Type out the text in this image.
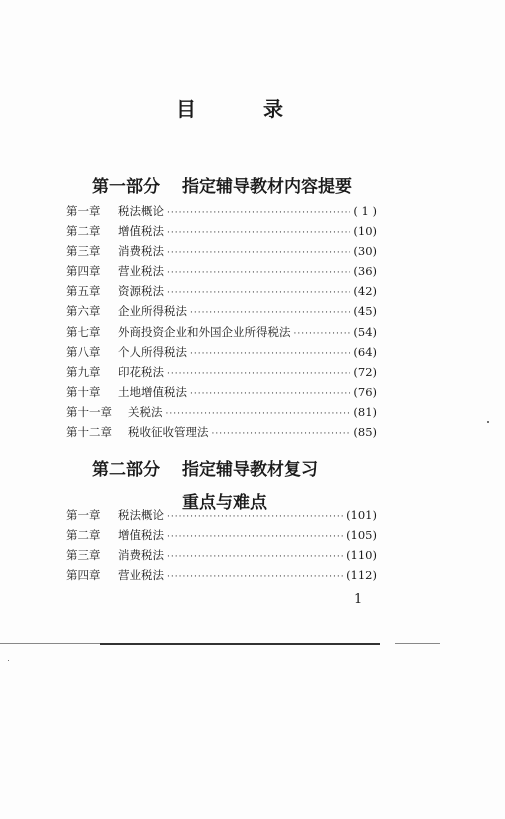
目 录
第一部分 指定辅导教材内容提要
第一章	税法概论 ·····	( 1 )
第二章	增值税法 ·····	(10)
第三章	消费税法 ·····	(30)
第四章	营业税法 ·····	(36)
第五章	资源税法 ·····	(42)
第六章	企业所得税法 ·····	(45)
第七章	外商投资企业和外国企业所得税法 ·····	(54)
第八章	个人所得税法 ·····	(64)
第九章	印花税法 ·····	(72)
第十章	土地增值税法 ·····	(76)
第十一章	关税法 ·····	(81)
第十二章	税收征收管理法 ·····	(85)
第二部分 指定辅导教材复习
重点与难点
第一章	税法概论 ·····	(101)
第二章	增值税法 ·····	(105)
第三章	消费税法 ·····	(110)
第四章	营业税法 ·····	(112)
1
